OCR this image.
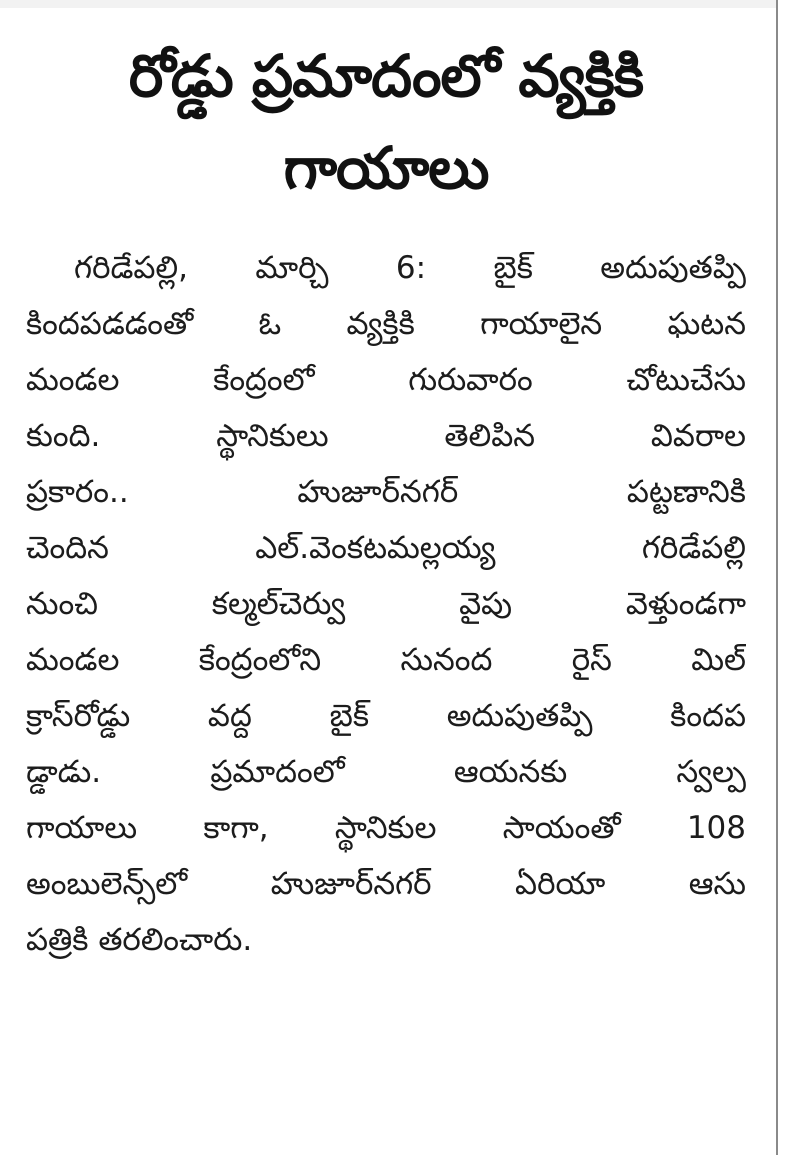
రోడ్డు ప్రమాదంలో వ్యక్తికి
గాయాలు
గరిడేపల్లి, మార్చి 6: బైక్ అదుపుతప్పి
కిందపడడంతో ఓ వ్యక్తికి గాయాలైన ఘటన
మండల కేంద్రంలో గురువారం చోటుచేసు
కుంది. స్థానికులు తెలిపిన వివరాల
ప్రకారం.. హుజూర్‌నగర్ పట్టణానికి
చెందిన ఎల్.వెంకటమల్లయ్య గరిడేపల్లి
నుంచి కల్మల్‌చెర్వు వైపు వెళ్తుండగా
మండల కేంద్రంలోని సునంద రైస్ మిల్
క్రాస్‌రోడ్డు వద్ద బైక్ అదుపుతప్పి కిందప
డ్డాడు. ప్రమాదంలో ఆయనకు స్వల్ప
గాయాలు కాగా, స్థానికుల సాయంతో 108
అంబులెన్స్‌లో హుజూర్‌నగర్ ఏరియా ఆసు
పత్రికి తరలించారు.
